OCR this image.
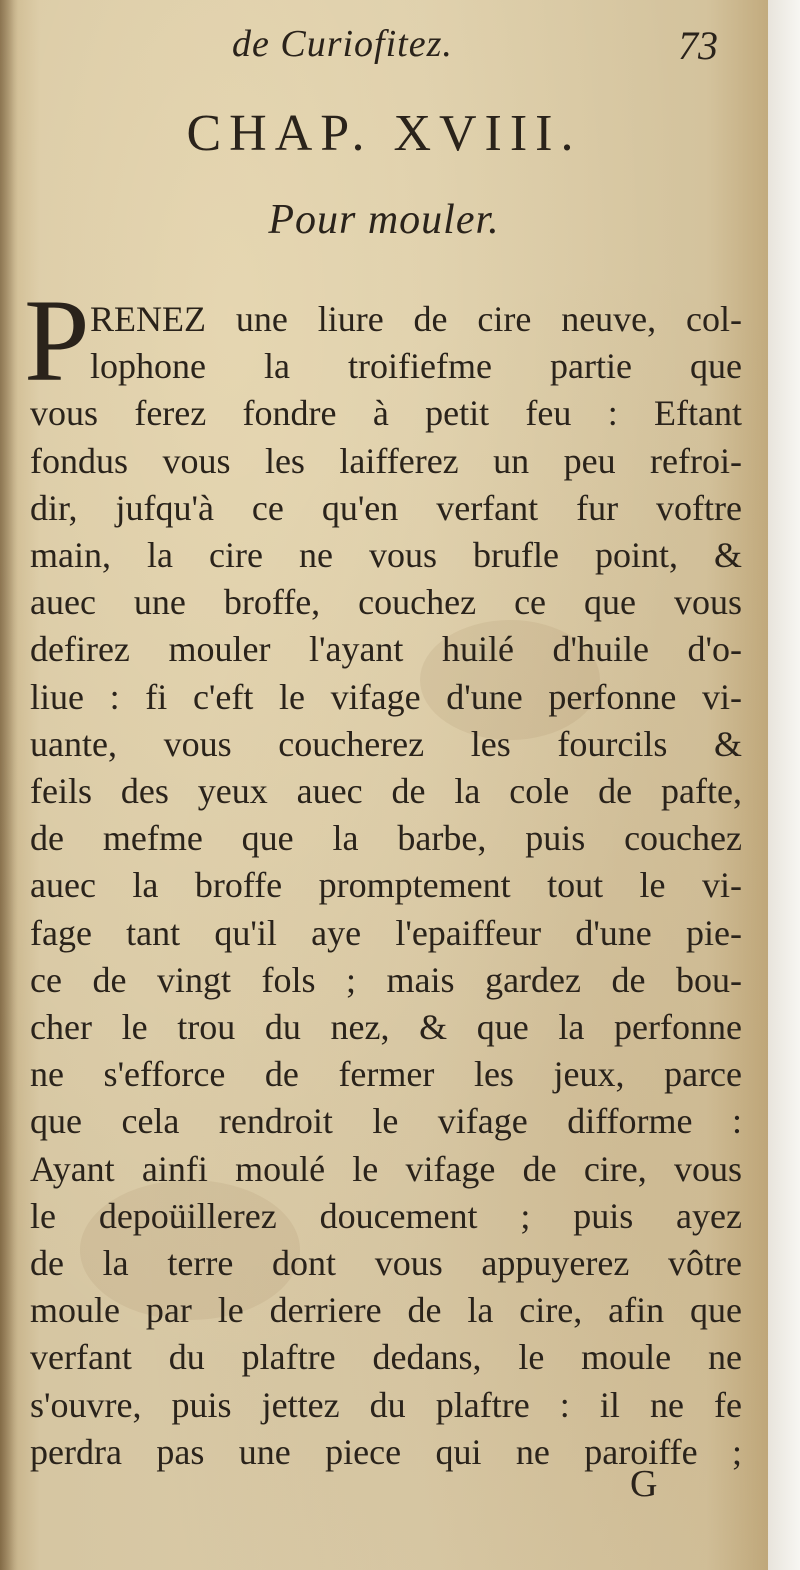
de Curiofitez.	73
CHAP. XVIII.
Pour mouler.
P RENEZ une liure de cire neuve, col-
lophone la troifiefme partie que
vous ferez fondre à petit feu : Eftant
fondus vous les laifferez un peu refroi-
dir, jufqu'à ce qu'en verfant fur voftre
main, la cire ne vous brufle point, &
auec une broffe, couchez ce que vous
defirez mouler l'ayant huilé d'huile d'o-
liue : fi c'eft le vifage d'une perfonne vi-
uante, vous coucherez les fourcils &
feils des yeux auec de la cole de pafte,
de mefme que la barbe, puis couchez
auec la broffe promptement tout le vi-
fage tant qu'il aye l'epaiffeur d'une pie-
ce de vingt fols ; mais gardez de bou-
cher le trou du nez, & que la perfonne
ne s'efforce de fermer les jeux, parce
que cela rendroit le vifage difforme :
Ayant ainfi moulé le vifage de cire, vous
le depoüillerez doucement ; puis ayez
de la terre dont vous appuyerez vôtre
moule par le derriere de la cire, afin que
verfant du plaftre dedans, le moule ne
s'ouvre, puis jettez du plaftre : il ne fe
perdra pas une piece qui ne paroiffe ;
G
